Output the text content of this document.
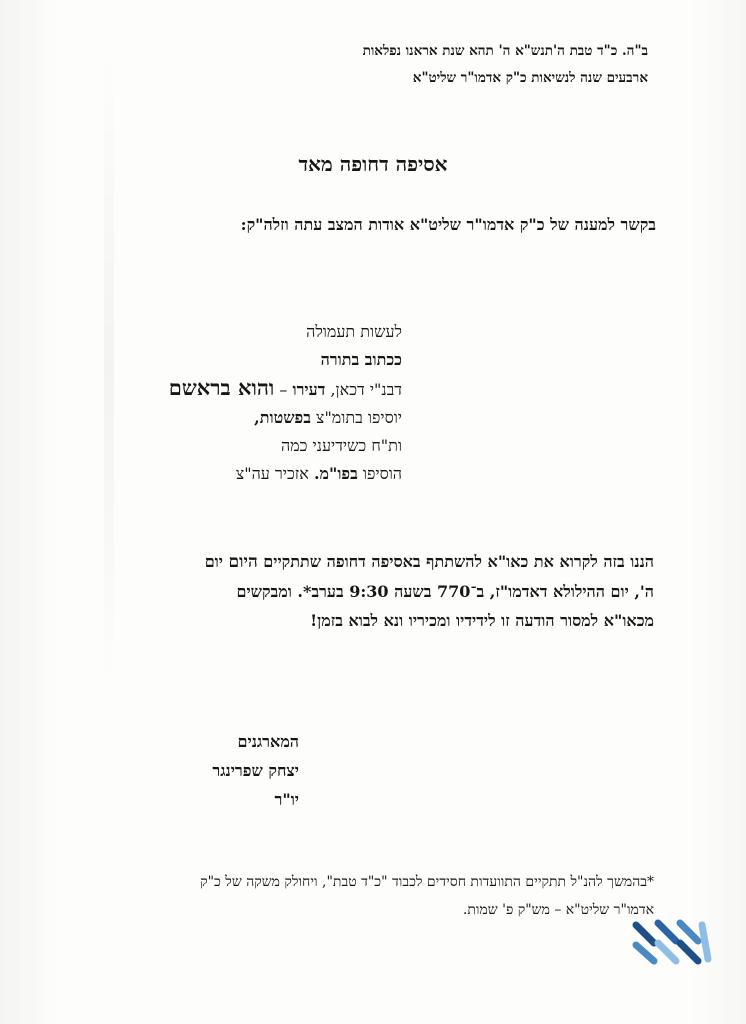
ב"ה. כ"ד טבת ה'תנש"א ה' תהא שנת אראנו נפלאות
ארבעים שנה לנשיאות כ"ק אדמו"ר שליט"א
אסיפה דחופה מאד
בקשר למענה של כ"ק אדמו"ר שליט"א אודות המצב עתה וזלה"ק:
לעשות תעמולה
ככתוב בתורה
דבנ"י דכאן, דעירו – והוא בראשם
יוסיפו בתומ"צ בפשטות,
ות"ח כשידיעני כמה
הוסיפו בפו"מ. אזכיר עה"צ
הננו בזה לקרוא את כאו"א להשתתף באסיפה דחופה שתתקיים היום יום ה', יום ההילולא דאדמו"ז, ב־770 בשעה 9:30 בערב*. ומבקשים מכאו"א למסור הודעה זו לידידיו ומכיריו ונא לבוא בזמן!
המארגנים
יצחק שפרינגר
יו"ר
*בהמשך להנ"ל תתקיים התוועדות חסידים לכבוד "כ"ד טבת", ויחולק משקה של כ"ק אדמו"ר שליט"א – מש"ק פ' שמות.
